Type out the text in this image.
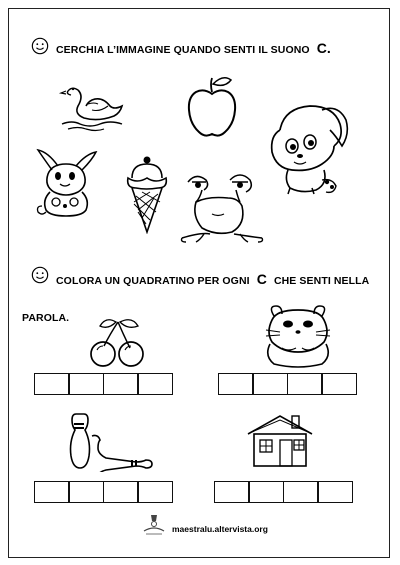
CERCHIA L’IMMAGINE QUANDO SENTI IL SUONO C.
COLORA UN QUADRATINO PER OGNI C CHE SENTI NELLA
PAROLA.
maestralu.altervista.org
